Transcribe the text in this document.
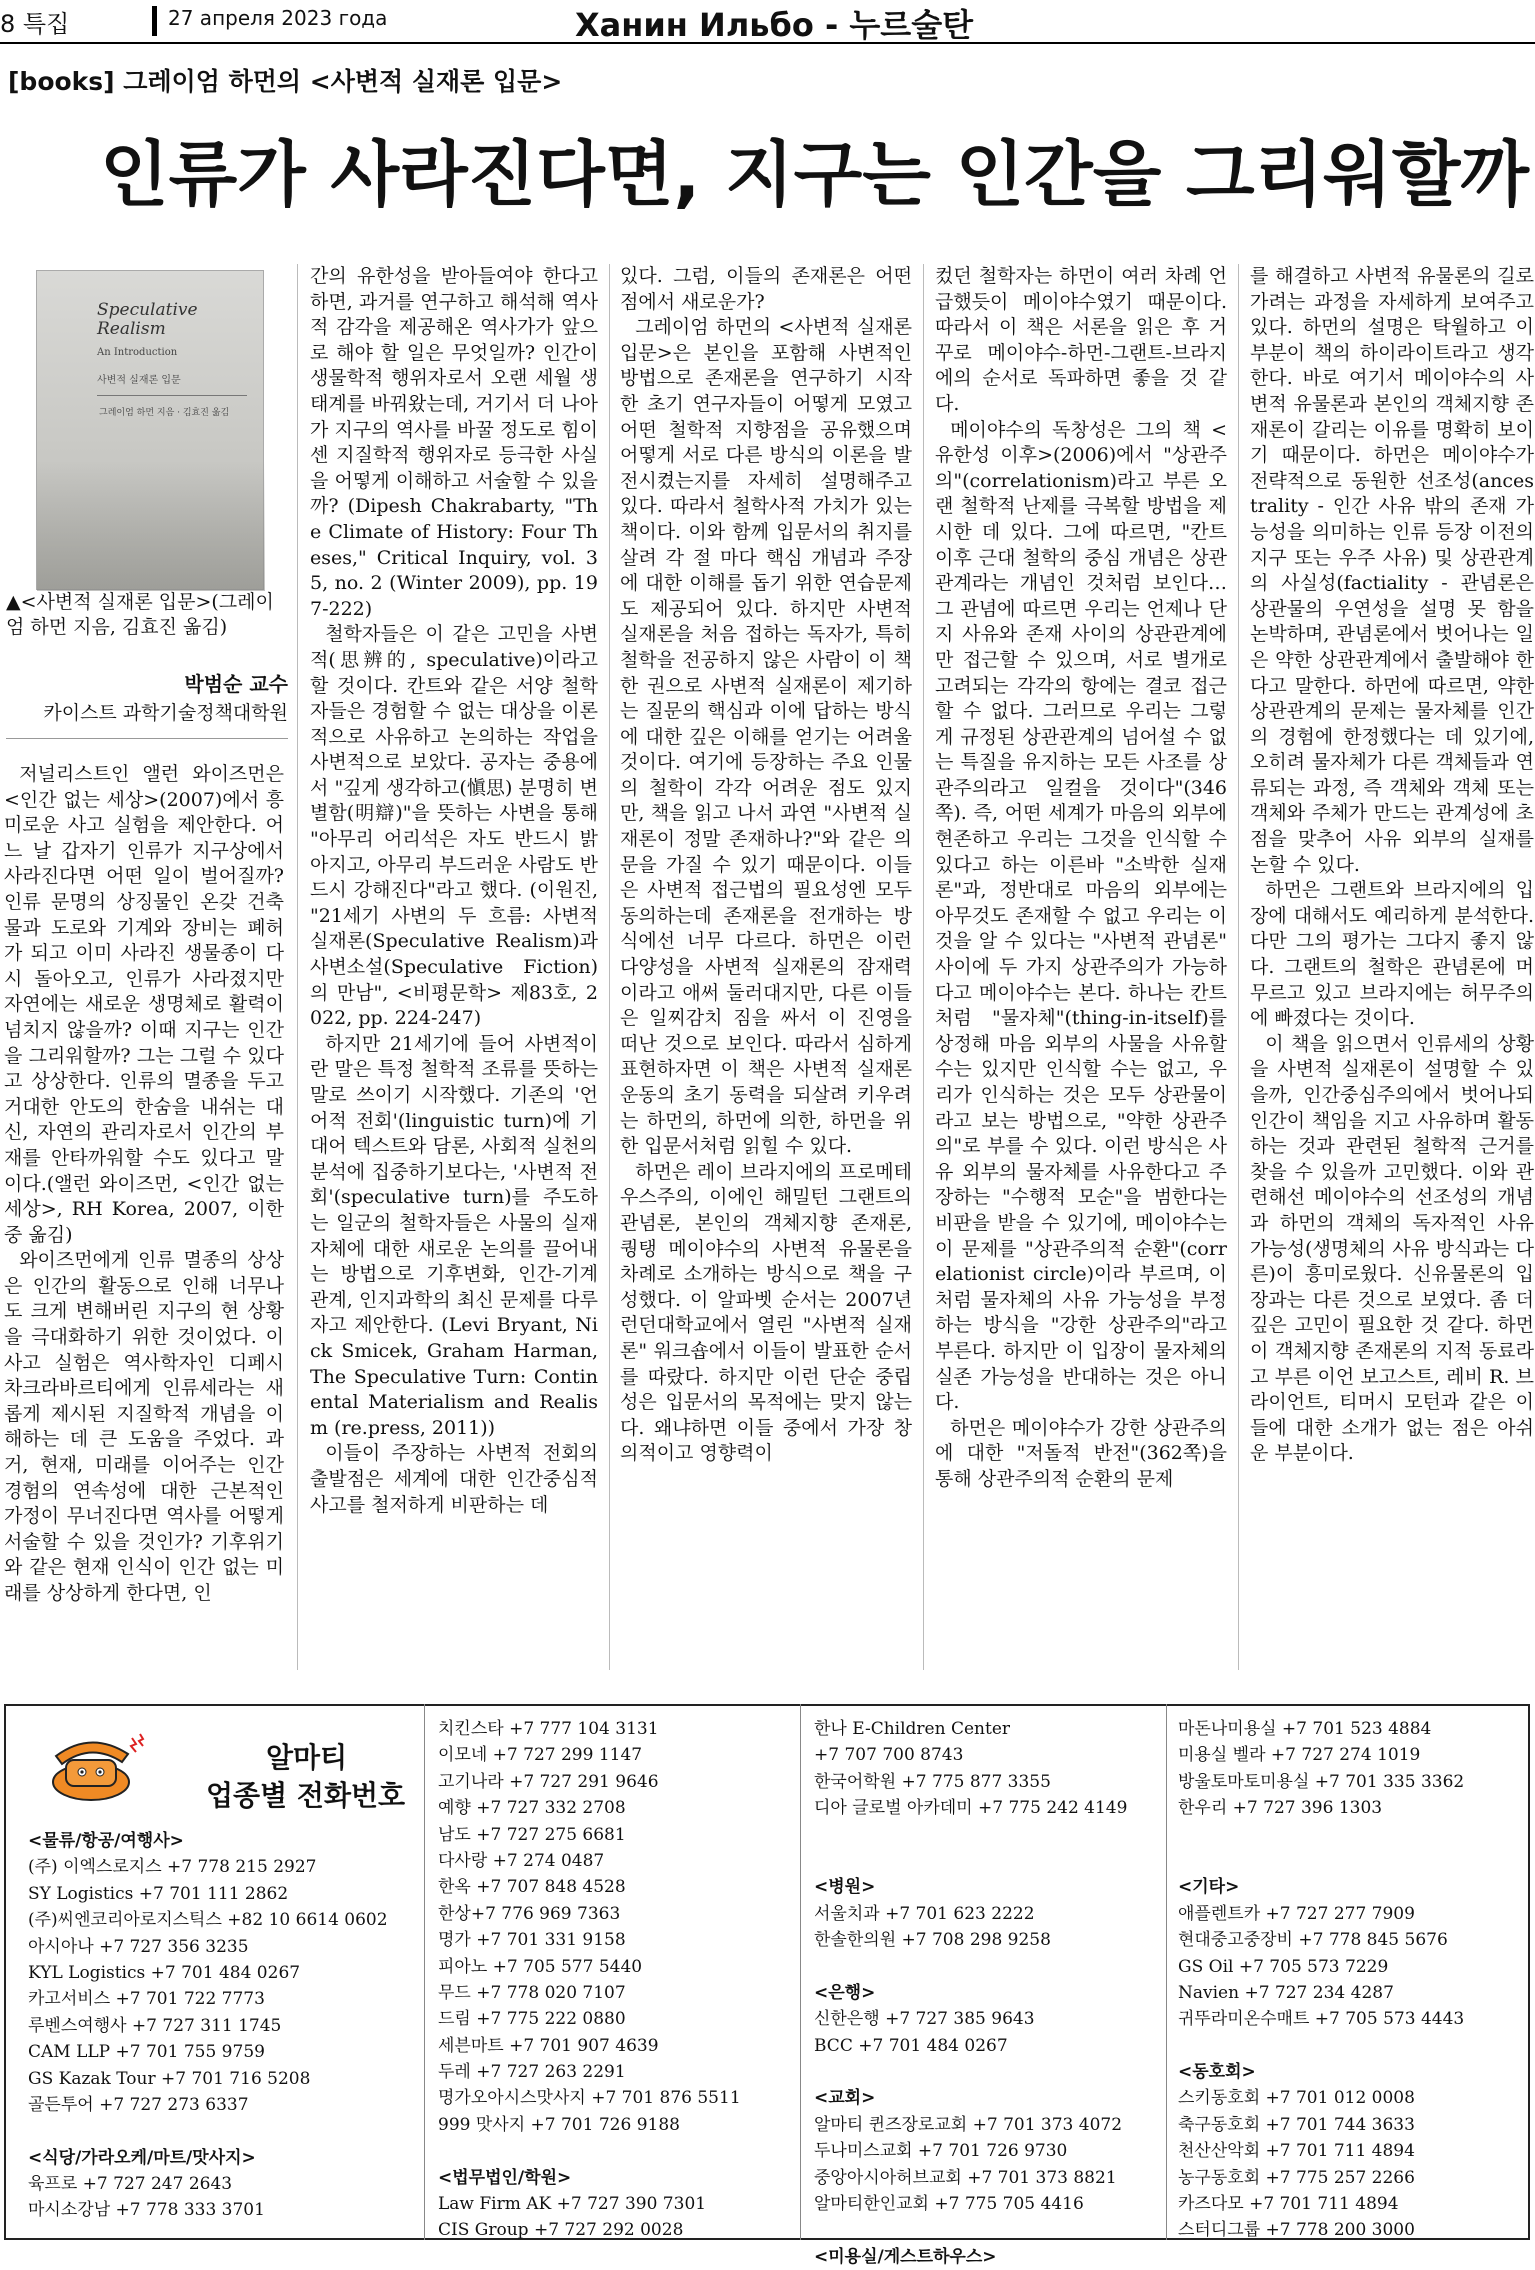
8 특집	27 апреля 2023 года	Ханин Ильбо - 누르술탄
[books] 그레이엄 하먼의 <사변적 실재론 입문>
인류가 사라진다면, 지구는 인간을 그리워할까
Speculative Realism
An Introduction
사변적 실재론 입문
그레이엄 하먼 지음 · 김효진 옮김
▲<사변적 실재론 입문>(그레이엄 하먼 지음, 김효진 옮김)
박범순 교수
카이스트 과학기술정책대학원

저널리스트인 앨런 와이즈먼은 <인간 없는 세상>(2007)에서 흥미로운 사고 실험을 제안한다. 어느 날 갑자기 인류가 지구상에서 사라진다면 어떤 일이 벌어질까? 인류 문명의 상징물인 온갖 건축물과 도로와 기계와 장비는 폐허가 되고 이미 사라진 생물종이 다시 돌아오고, 인류가 사라졌지만 자연에는 새로운 생명체로 활력이 넘치지 않을까? 이때 지구는 인간을 그리워할까? 그는 그럴 수 있다고 상상한다. 인류의 멸종을 두고 거대한 안도의 한숨을 내쉬는 대신, 자연의 관리자로서 인간의 부재를 안타까워할 수도 있다고 말이다.(앨런 와이즈먼, <인간 없는 세상>, RH Korea, 2007, 이한중 옮김)

와이즈먼에게 인류 멸종의 상상은 인간의 활동으로 인해 너무나도 크게 변해버린 지구의 현 상황을 극대화하기 위한 것이었다. 이 사고 실험은 역사학자인 디페시 차크라바르티에게 인류세라는 새롭게 제시된 지질학적 개념을 이해하는 데 큰 도움을 주었다. 과거, 현재, 미래를 이어주는 인간 경험의 연속성에 대한 근본적인 가정이 무너진다면 역사를 어떻게 서술할 수 있을 것인가? 기후위기와 같은 현재 인식이 인간 없는 미래를 상상하게 한다면, 인

간의 유한성을 받아들여야 한다고 하면, 과거를 연구하고 해석해 역사적 감각을 제공해온 역사가가 앞으로 해야 할 일은 무엇일까? 인간이 생물학적 행위자로서 오랜 세월 생태계를 바꿔왔는데, 거기서 더 나아가 지구의 역사를 바꿀 정도로 힘이 센 지질학적 행위자로 등극한 사실을 어떻게 이해하고 서술할 수 있을까? (Dipesh Chakrabarty, "The Climate of History: Four Theses," Critical Inquiry, vol. 35, no. 2 (Winter 2009), pp. 197-222)

철학자들은 이 같은 고민을 사변적(思辨的, speculative)이라고 할 것이다. 칸트와 같은 서양 철학자들은 경험할 수 없는 대상을 이론적으로 사유하고 논의하는 작업을 사변적으로 보았다. 공자는 중용에서 "깊게 생각하고(愼思) 분명히 변별함(明辯)"을 뜻하는 사변을 통해 "아무리 어리석은 자도 반드시 밝아지고, 아무리 부드러운 사람도 반드시 강해진다"라고 했다. (이원진, "21세기 사변의 두 흐름: 사변적 실재론(Speculative Realism)과 사변소설(Speculative Fiction)의 만남", <비평문학> 제83호, 2022, pp. 224-247)

하지만 21세기에 들어 사변적이란 말은 특정 철학적 조류를 뜻하는 말로 쓰이기 시작했다. 기존의 '언어적 전회'(linguistic turn)에 기대어 텍스트와 담론, 사회적 실천의 분석에 집중하기보다는, '사변적 전회'(speculative turn)를 주도하는 일군의 철학자들은 사물의 실재 자체에 대한 새로운 논의를 끌어내는 방법으로 기후변화, 인간-기계 관계, 인지과학의 최신 문제를 다루자고 제안한다. (Levi Bryant, Nick Smicek, Graham Harman, The Speculative Turn: Continental Materialism and Realism (re.press, 2011))

이들이 주장하는 사변적 전회의 출발점은 세계에 대한 인간중심적 사고를 철저하게 비판하는 데

있다. 그럼, 이들의 존재론은 어떤 점에서 새로운가?

그레이엄 하먼의 <사변적 실재론 입문>은 본인을 포함해 사변적인 방법으로 존재론을 연구하기 시작한 초기 연구자들이 어떻게 모였고 어떤 철학적 지향점을 공유했으며 어떻게 서로 다른 방식의 이론을 발전시켰는지를 자세히 설명해주고 있다. 따라서 철학사적 가치가 있는 책이다. 이와 함께 입문서의 취지를 살려 각 절 마다 핵심 개념과 주장에 대한 이해를 돕기 위한 연습문제도 제공되어 있다. 하지만 사변적 실재론을 처음 접하는 독자가, 특히 철학을 전공하지 않은 사람이 이 책 한 권으로 사변적 실재론이 제기하는 질문의 핵심과 이에 답하는 방식에 대한 깊은 이해를 얻기는 어려울 것이다. 여기에 등장하는 주요 인물의 철학이 각각 어려운 점도 있지만, 책을 읽고 나서 과연 "사변적 실재론이 정말 존재하나?"와 같은 의문을 가질 수 있기 때문이다. 이들은 사변적 접근법의 필요성엔 모두 동의하는데 존재론을 전개하는 방식에선 너무 다르다. 하먼은 이런 다양성을 사변적 실재론의 잠재력이라고 애써 둘러대지만, 다른 이들은 일찌감치 짐을 싸서 이 진영을 떠난 것으로 보인다. 따라서 심하게 표현하자면 이 책은 사변적 실재론 운동의 초기 동력을 되살려 키우려는 하먼의, 하먼에 의한, 하먼을 위한 입문서처럼 읽힐 수 있다.

하먼은 레이 브라지에의 프로메테우스주의, 이에인 해밀턴 그랜트의 관념론, 본인의 객체지향 존재론, 퀑탱 메이야수의 사변적 유물론을 차례로 소개하는 방식으로 책을 구성했다. 이 알파벳 순서는 2007년 런던대학교에서 열린 "사변적 실재론" 워크숍에서 이들이 발표한 순서를 따랐다. 하지만 이런 단순 중립성은 입문서의 목적에는 맞지 않는다. 왜냐하면 이들 중에서 가장 창의적이고 영향력이

컸던 철학자는 하먼이 여러 차례 언급했듯이 메이야수였기 때문이다. 따라서 이 책은 서론을 읽은 후 거꾸로 메이야수-하먼-그랜트-브라지에의 순서로 독파하면 좋을 것 같다.

메이야수의 독창성은 그의 책 <유한성 이후>(2006)에서 "상관주의"(correlationism)라고 부른 오랜 철학적 난제를 극복할 방법을 제시한 데 있다. 그에 따르면, "칸트 이후 근대 철학의 중심 개념은 상관관계라는 개념인 것처럼 보인다…그 관념에 따르면 우리는 언제나 단지 사유와 존재 사이의 상관관계에만 접근할 수 있으며, 서로 별개로 고려되는 각각의 항에는 결코 접근할 수 없다. 그러므로 우리는 그렇게 규정된 상관관계의 넘어설 수 없는 특질을 유지하는 모든 사조를 상관주의라고 일컬을 것이다"(346쪽). 즉, 어떤 세계가 마음의 외부에 현존하고 우리는 그것을 인식할 수 있다고 하는 이른바 "소박한 실재론"과, 정반대로 마음의 외부에는 아무것도 존재할 수 없고 우리는 이것을 알 수 있다는 "사변적 관념론" 사이에 두 가지 상관주의가 가능하다고 메이야수는 본다. 하나는 칸트처럼 "물자체"(thing-in-itself)를 상정해 마음 외부의 사물을 사유할 수는 있지만 인식할 수는 없고, 우리가 인식하는 것은 모두 상관물이라고 보는 방법으로, "약한 상관주의"로 부를 수 있다. 이런 방식은 사유 외부의 물자체를 사유한다고 주장하는 "수행적 모순"을 범한다는 비판을 받을 수 있기에, 메이야수는 이 문제를 "상관주의적 순환"(correlationist circle)이라 부르며, 이처럼 물자체의 사유 가능성을 부정하는 방식을 "강한 상관주의"라고 부른다. 하지만 이 입장이 물자체의 실존 가능성을 반대하는 것은 아니다.

하먼은 메이야수가 강한 상관주의에 대한 "저돌적 반전"(362쪽)을 통해 상관주의적 순환의 문제

를 해결하고 사변적 유물론의 길로 가려는 과정을 자세하게 보여주고 있다. 하먼의 설명은 탁월하고 이 부분이 책의 하이라이트라고 생각한다. 바로 여기서 메이야수의 사변적 유물론과 본인의 객체지향 존재론이 갈리는 이유를 명확히 보이기 때문이다. 하먼은 메이야수가 전략적으로 동원한 선조성(ancestrality - 인간 사유 밖의 존재 가능성을 의미하는 인류 등장 이전의 지구 또는 우주 사유) 및 상관관계의 사실성(factiality - 관념론은 상관물의 우연성을 설명 못 함을 논박하며, 관념론에서 벗어나는 일은 약한 상관관계에서 출발해야 한다고 말한다. 하먼에 따르면, 약한 상관관계의 문제는 물자체를 인간의 경험에 한정했다는 데 있기에, 오히려 물자체가 다른 객체들과 연류되는 과정, 즉 객체와 객체 또는 객체와 주체가 만드는 관계성에 초점을 맞추어 사유 외부의 실재를 논할 수 있다.

하먼은 그랜트와 브라지에의 입장에 대해서도 예리하게 분석한다. 다만 그의 평가는 그다지 좋지 않다. 그랜트의 철학은 관념론에 머무르고 있고 브라지에는 허무주의에 빠졌다는 것이다.

이 책을 읽으면서 인류세의 상황을 사변적 실재론이 설명할 수 있을까, 인간중심주의에서 벗어나되 인간이 책임을 지고 사유하며 활동하는 것과 관련된 철학적 근거를 찾을 수 있을까 고민했다. 이와 관련해선 메이야수의 선조성의 개념과 하먼의 객체의 독자적인 사유 가능성(생명체의 사유 방식과는 다른)이 흥미로웠다. 신유물론의 입장과는 다른 것으로 보였다. 좀 더 깊은 고민이 필요한 것 같다. 하먼이 객체지향 존재론의 지적 동료라고 부른 이언 보고스트, 레비 R. 브라이언트, 티머시 모턴과 같은 이들에 대한 소개가 없는 점은 아쉬운 부분이다.

알마티
업종별 전화번호
<물류/항공/여행사>
(주) 이엑스로지스 +7 778 215 2927
SY Logistics +7 701 111 2862
(주)씨엔코리아로지스틱스 +82 10 6614 0602
아시아나 +7 727 356 3235
KYL Logistics +7 701 484 0267
카고서비스 +7 701 722 7773
루벤스여행사 +7 727 311 1745
CAM LLP +7 701 755 9759
GS Kazak Tour +7 701 716 5208
골든투어 +7 727 273 6337
<식당/가라오케/마트/맛사지>
육프로 +7 727 247 2643
마시소강남 +7 778 333 3701
치킨스타 +7 777 104 3131
이모네 +7 727 299 1147
고기나라 +7 727 291 9646
예향 +7 727 332 2708
남도 +7 727 275 6681
다사랑 +7 274 0487
한옥 +7 707 848 4528
한상+7 776 969 7363
명가 +7 701 331 9158
피아노 +7 705 577 5440
무드 +7 778 020 7107
드림 +7 775 222 0880
세븐마트 +7 701 907 4639
두레 +7 727 263 2291
명가오아시스맛사지 +7 701 876 5511
999 맛사지 +7 701 726 9188
<법무법인/학원>
Law Firm AK +7 727 390 7301
CIS Group +7 727 292 0028
한나 E-Children Center
+7 707 700 8743
한국어학원 +7 775 877 3355
디아 글로벌 아카데미 +7 775 242 4149
<병원>
서울치과 +7 701 623 2222
한솔한의원 +7 708 298 9258
<은행>
신한은행 +7 727 385 9643
BCC +7 701 484 0267
<교회>
알마티 퀸즈장로교회 +7 701 373 4072
두나미스교회 +7 701 726 9730
중앙아시아허브교회 +7 701 373 8821
알마티한인교회 +7 775 705 4416
<미용실/게스트하우스>
마돈나미용실 +7 701 523 4884
미용실 벨라 +7 727 274 1019
방울토마토미용실 +7 701 335 3362
한우리 +7 727 396 1303
<기타>
애플렌트카 +7 727 277 7909
현대중고중장비 +7 778 845 5676
GS Oil +7 705 573 7229
Navien +7 727 234 4287
귀뚜라미온수매트 +7 705 573 4443
<동호회>
스키동호회 +7 701 012 0008
축구동호회 +7 701 744 3633
천산산악회 +7 701 711 4894
농구동호회 +7 775 257 2266
카즈다모 +7 701 711 4894
스터디그룹 +7 778 200 3000
